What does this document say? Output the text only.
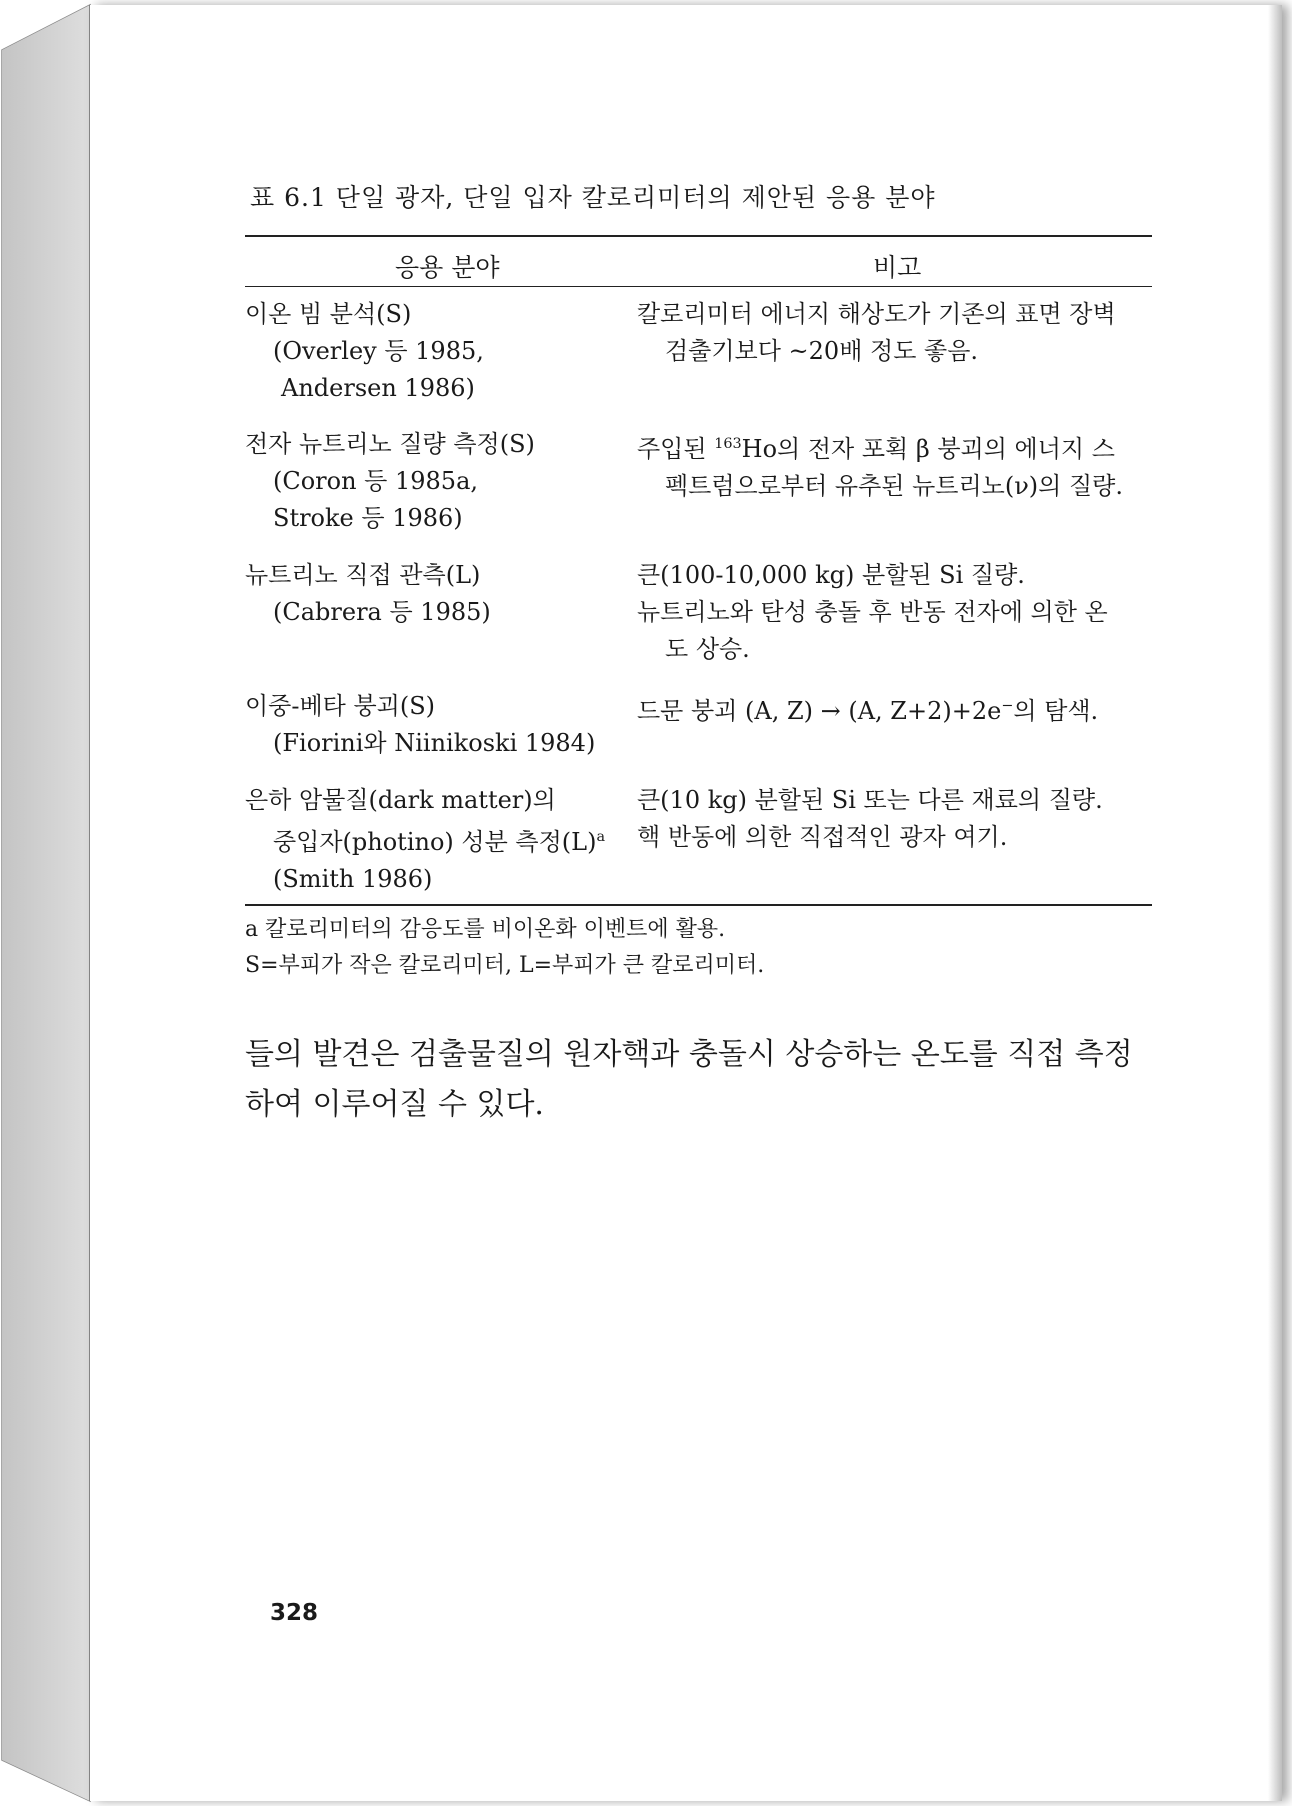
표 6.1 단일 광자, 단일 입자 칼로리미터의 제안된 응용 분야
응용 분야	비고
이온 빔 분석(S)
(Overley 등 1985,
Andersen 1986)
칼로리미터 에너지 해상도가 기존의 표면 장벽
검출기보다 ~20배 정도 좋음.
전자 뉴트리노 질량 측정(S)
(Coron 등 1985a,
Stroke 등 1986)
주입된 $^{163}$Ho의 전자 포획 β 붕괴의 에너지 스
펙트럼으로부터 유추된 뉴트리노(ν)의 질량.
뉴트리노 직접 관측(L)
(Cabrera 등 1985)
큰(100-10,000 kg) 분할된 Si 질량.
뉴트리노와 탄성 충돌 후 반동 전자에 의한 온
도 상승.
이중-베타 붕괴(S)
(Fiorini와 Niinikoski 1984)
드문 붕괴 (A, Z) → (A, Z+2)+2e−의 탐색.
은하 암물질(dark matter)의
중입자(photino) 성분 측정$(L)^a$
(Smith 1986)
큰(10 kg) 분할된 Si 또는 다른 재료의 질량.
핵 반동에 의한 직접적인 광자 여기.
a 칼로리미터의 감응도를 비이온화 이벤트에 활용.
S=부피가 작은 칼로리미터, L=부피가 큰 칼로리미터.
들의 발견은 검출물질의 원자핵과 충돌시 상승하는 온도를 직접 측정
하여 이루어질 수 있다.
328
